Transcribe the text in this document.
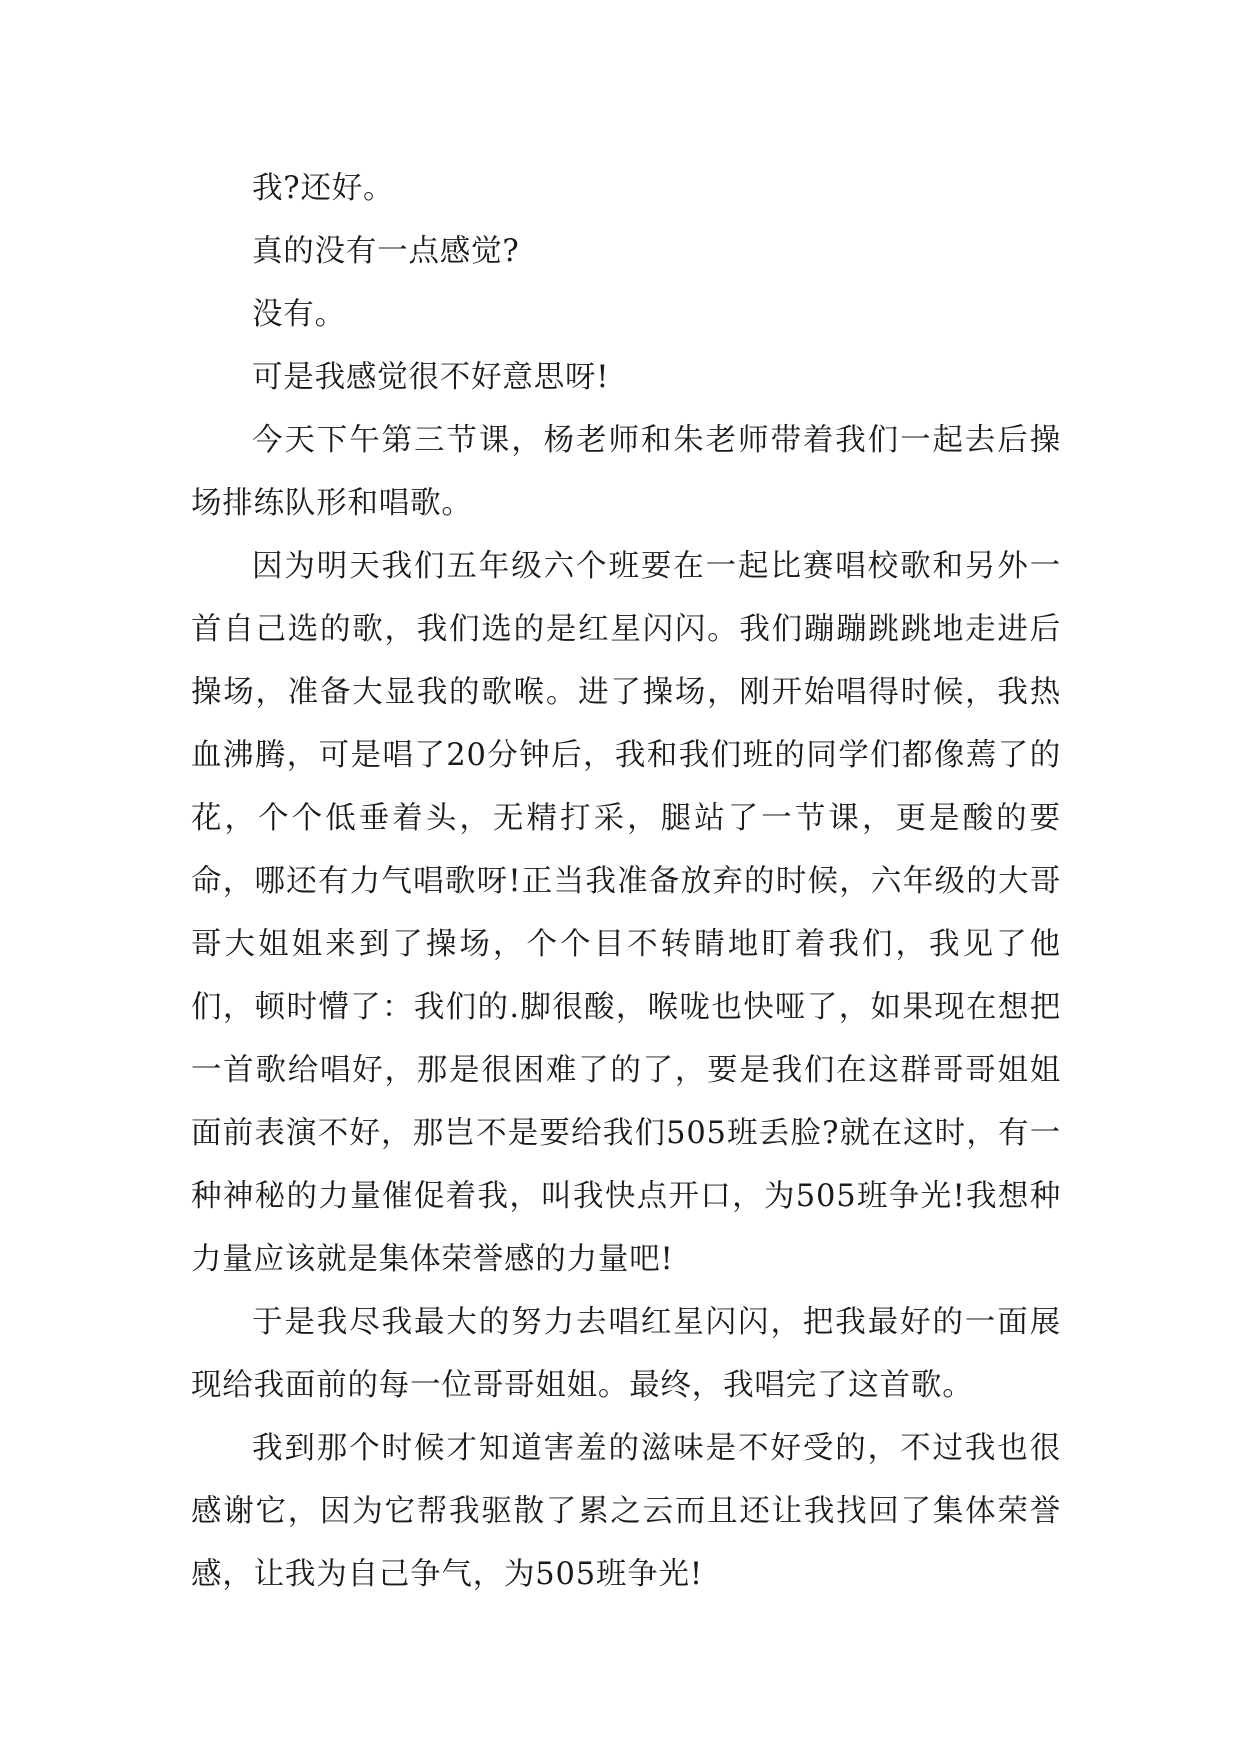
我?还好。

真的没有一点感觉?

没有。

可是我感觉很不好意思呀!

今天下午第三节课，杨老师和朱老师带着我们一起去后操场排练队形和唱歌。

因为明天我们五年级六个班要在一起比赛唱校歌和另外一首自己选的歌，我们选的是红星闪闪。我们蹦蹦跳跳地走进后操场，准备大显我的歌喉。进了操场，刚开始唱得时候，我热血沸腾，可是唱了20分钟后，我和我们班的同学们都像蔫了的花，个个低垂着头，无精打采，腿站了一节课，更是酸的要命，哪还有力气唱歌呀!正当我准备放弃的时候，六年级的大哥哥大姐姐来到了操场，个个目不转睛地盯着我们，我见了他们，顿时懵了：我们的.脚很酸，喉咙也快哑了，如果现在想把一首歌给唱好，那是很困难了的了，要是我们在这群哥哥姐姐面前表演不好，那岂不是要给我们505班丢脸?就在这时，有一种神秘的力量催促着我，叫我快点开口，为505班争光!我想种力量应该就是集体荣誉感的力量吧!

于是我尽我最大的努力去唱红星闪闪，把我最好的一面展现给我面前的每一位哥哥姐姐。最终，我唱完了这首歌。

我到那个时候才知道害羞的滋味是不好受的，不过我也很感谢它，因为它帮我驱散了累之云而且还让我找回了集体荣誉感，让我为自己争气，为505班争光!
